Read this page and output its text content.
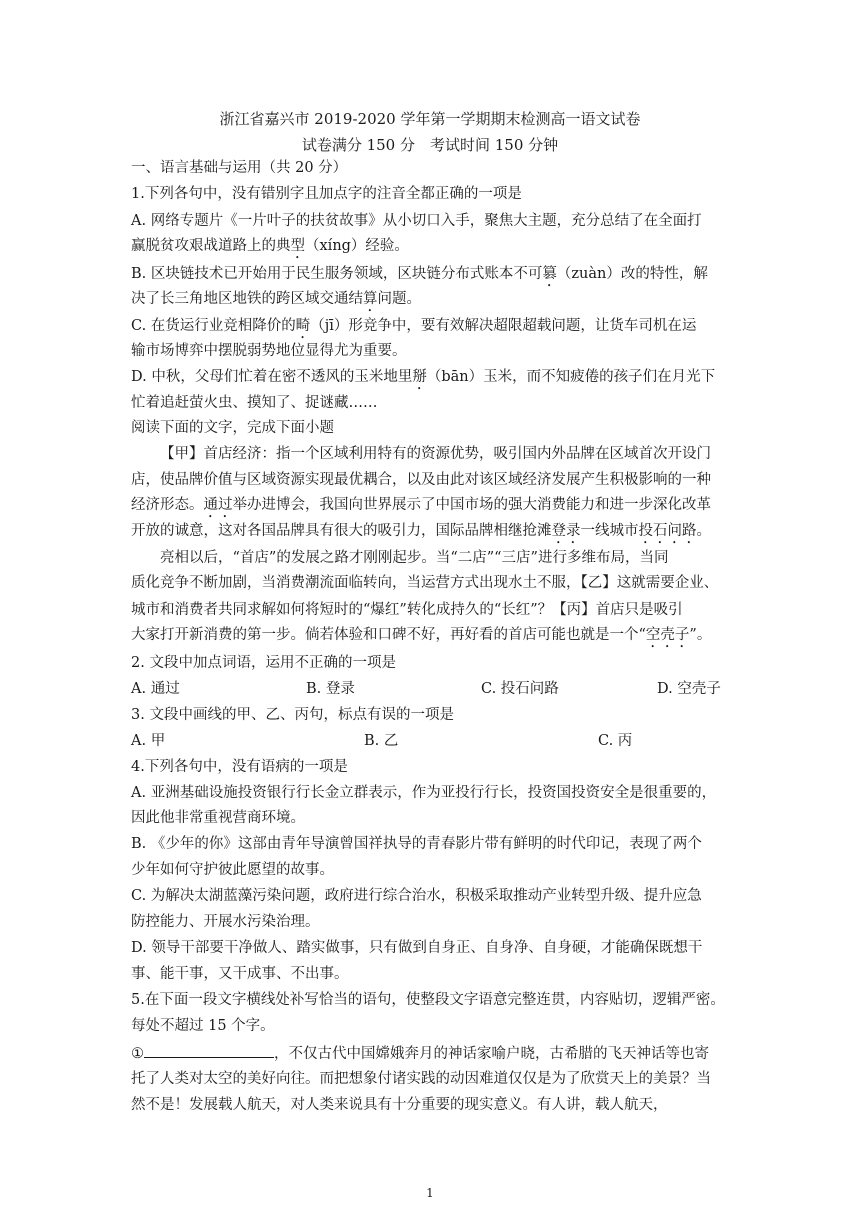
浙江省嘉兴市 2019-2020 学年第一学期期末检测高一语文试卷
试卷满分 150 分　考试时间 150 分钟
一、语言基础与运用（共 20 分）
1.下列各句中，没有错别字且加点字的注音全都正确的一项是
A. 网络专题片《一片叶子的扶贫故事》从小切口入手，聚焦大主题，充分总结了在全面打
赢脱贫攻艰战道路上的典型（xíng）经验。
B. 区块链技术已开始用于民生服务领域，区块链分布式账本不可篡（zuàn）改的特性，解
决了长三角地区地铁的跨区域交通结算问题。
C. 在货运行业竞相降价的畸（jī）形竞争中，要有效解决超限超载问题，让货车司机在运
输市场博弈中摆脱弱势地位显得尤为重要。
D. 中秋，父母们忙着在密不透风的玉米地里掰（bān）玉米，而不知疲倦的孩子们在月光下
忙着追赶萤火虫、摸知了、捉谜藏……
阅读下面的文字，完成下面小题
【甲】首店经济：指一个区域利用特有的资源优势，吸引国内外品牌在区域首次开设门
店，使品牌价值与区域资源实现最优耦合，以及由此对该区域经济发展产生积极影响的一种
经济形态。通过举办进博会，我国向世界展示了中国市场的强大消费能力和进一步深化改革
开放的诚意，这对各国品牌具有很大的吸引力，国际品牌相继抢滩登录一线城市投石问路。
亮相以后，“首店”的发展之路才刚刚起步。当“二店”“三店”进行多维布局，当同
质化竞争不断加剧，当消费潮流面临转向，当运营方式出现水土不服，【乙】这就需要企业、
城市和消费者共同求解如何将短时的“爆红”转化成持久的“长红”？【丙】首店只是吸引
大家打开新消费的第一步。倘若体验和口碑不好，再好看的首店可能也就是一个“空壳子”。
2. 文段中加点词语，运用不正确的一项是
A. 通过	B. 登录	C. 投石问路	D. 空壳子
3. 文段中画线的甲、乙、丙句，标点有误的一项是
A. 甲	B. 乙	C. 丙
4.下列各句中，没有语病的一项是
A. 亚洲基础设施投资银行行长金立群表示，作为亚投行行长，投资国投资安全是很重要的，
因此他非常重视营商环境。
B. 《少年的你》这部由青年导演曾国祥执导的青春影片带有鲜明的时代印记，表现了两个
少年如何守护彼此愿望的故事。
C. 为解决太湖蓝藻污染问题，政府进行综合治水，积极采取推动产业转型升级、提升应急
防控能力、开展水污染治理。
D. 领导干部要干净做人、踏实做事，只有做到自身正、自身净、自身硬，才能确保既想干
事、能干事，又干成事、不出事。
5.在下面一段文字横线处补写恰当的语句，使整段文字语意完整连贯，内容贴切，逻辑严密。
每处不超过 15 个字。
①	，不仅古代中国嫦娥奔月的神话家喻户晓，古希腊的飞天神话等也寄
托了人类对太空的美好向往。而把想象付诸实践的动因难道仅仅是为了欣赏天上的美景？当
然不是！发展载人航天，对人类来说具有十分重要的现实意义。有人讲，载人航天，
1
